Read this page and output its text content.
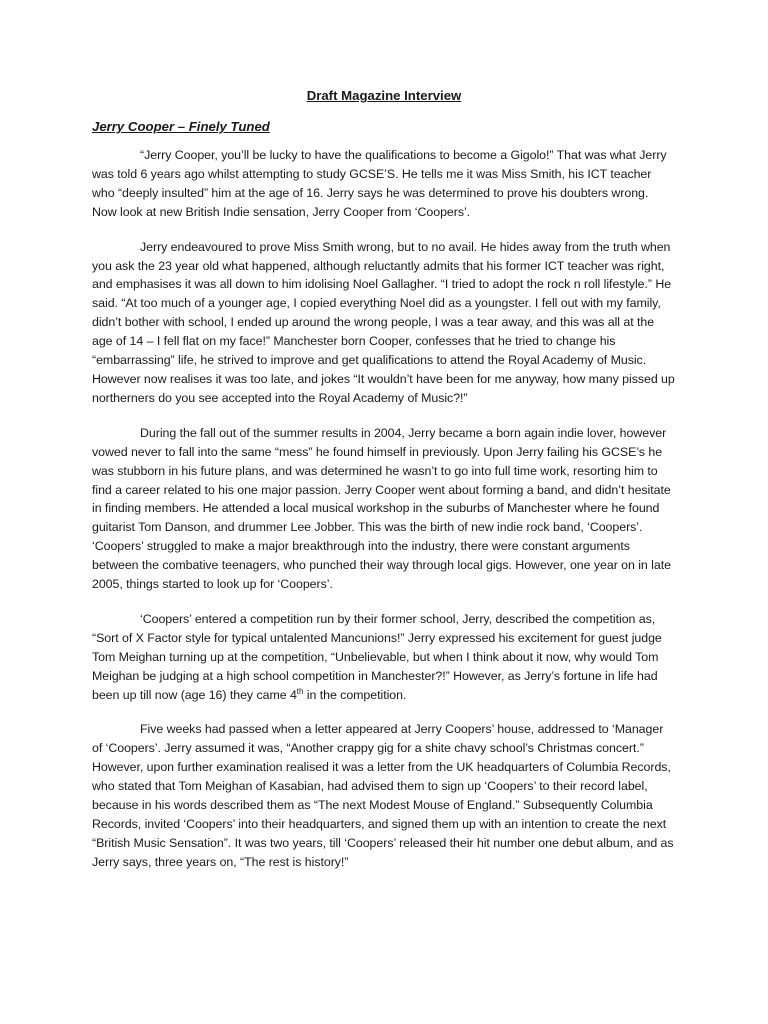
Draft Magazine Interview
Jerry Cooper – Finely Tuned

“Jerry Cooper, you’ll be lucky to have the qualifications to become a Gigolo!” That was what Jerry was told 6 years ago whilst attempting to study GCSE’S. He tells me it was Miss Smith, his ICT teacher who “deeply insulted” him at the age of 16. Jerry says he was determined to prove his doubters wrong. Now look at new British Indie sensation, Jerry Cooper from ‘Coopers’.

Jerry endeavoured to prove Miss Smith wrong, but to no avail. He hides away from the truth when you ask the 23 year old what happened, although reluctantly admits that his former ICT teacher was right, and emphasises it was all down to him idolising Noel Gallagher. “I tried to adopt the rock n roll lifestyle.” He said. “At too much of a younger age, I copied everything Noel did as a youngster. I fell out with my family, didn’t bother with school, I ended up around the wrong people, I was a tear away, and this was all at the age of 14 – I fell flat on my face!” Manchester born Cooper, confesses that he tried to change his “embarrassing” life, he strived to improve and get qualifications to attend the Royal Academy of Music. However now realises it was too late, and jokes “It wouldn’t have been for me anyway, how many pissed up northerners do you see accepted into the Royal Academy of Music?!”

During the fall out of the summer results in 2004, Jerry became a born again indie lover, however vowed never to fall into the same “mess” he found himself in previously. Upon Jerry failing his GCSE’s he was stubborn in his future plans, and was determined he wasn’t to go into full time work, resorting him to find a career related to his one major passion. Jerry Cooper went about forming a band, and didn’t hesitate in finding members. He attended a local musical workshop in the suburbs of Manchester where he found guitarist Tom Danson, and drummer Lee Jobber. This was the birth of new indie rock band, ‘Coopers’. ‘Coopers’ struggled to make a major breakthrough into the industry, there were constant arguments between the combative teenagers, who punched their way through local gigs. However, one year on in late 2005, things started to look up for ‘Coopers’.

‘Coopers’ entered a competition run by their former school, Jerry, described the competition as, “Sort of X Factor style for typical untalented Mancunions!” Jerry expressed his excitement for guest judge Tom Meighan turning up at the competition, “Unbelievable, but when I think about it now, why would Tom Meighan be judging at a high school competition in Manchester?!” However, as Jerry’s fortune in life had been up till now (age 16) they came 4th in the competition.

Five weeks had passed when a letter appeared at Jerry Coopers’ house, addressed to ‘Manager of ‘Coopers’. Jerry assumed it was, “Another crappy gig for a shite chavy school’s Christmas concert.” However, upon further examination realised it was a letter from the UK headquarters of Columbia Records, who stated that Tom Meighan of Kasabian, had advised them to sign up ‘Coopers’ to their record label, because in his words described them as “The next Modest Mouse of England.” Subsequently Columbia Records, invited ‘Coopers’ into their headquarters, and signed them up with an intention to create the next “British Music Sensation”. It was two years, till ‘Coopers’ released their hit number one debut album, and as Jerry says, three years on, “The rest is history!”
